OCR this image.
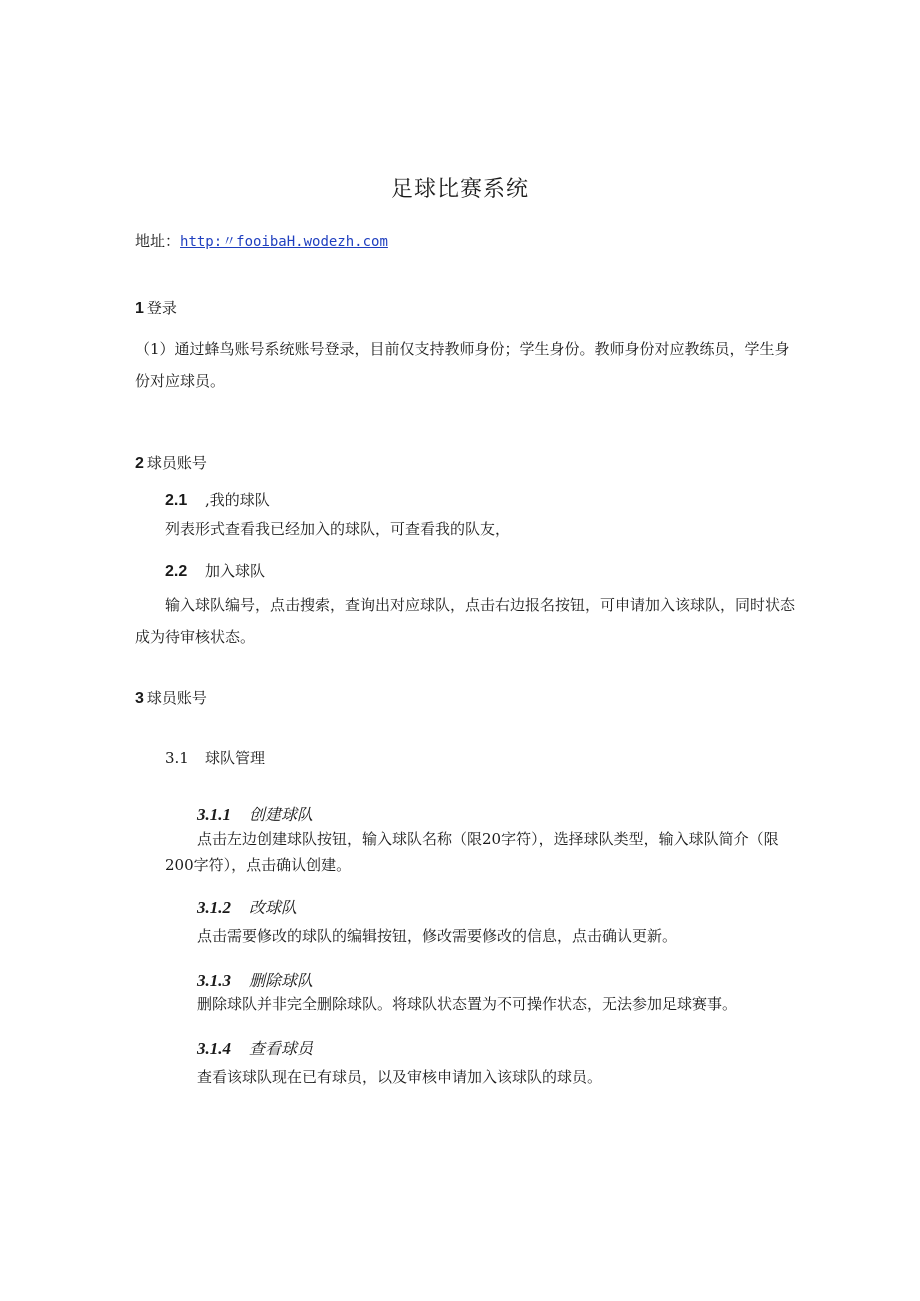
足球比赛系统
地址：http:〃fooibaH.wodezh.com
1 登录
（1）通过蜂鸟账号系统账号登录，目前仅支持教师身份；学生身份。教师身份对应教练员，学生身份对应球员。
2 球员账号
2.1 ,我的球队
列表形式查看我已经加入的球队，可查看我的队友，
2.2 加入球队
输入球队编号，点击搜索，查询出对应球队，点击右边报名按钮，可申请加入该球队，同时状态成为待审核状态。
3 球员账号
3.1 球队管理
3.1.1 创建球队
点击左边创建球队按钮，输入球队名称（限20字符），选择球队类型，输入球队简介（限200字符），点击确认创建。
3.1.2 改球队
点击需要修改的球队的编辑按钮，修改需要修改的信息，点击确认更新。
3.1.3 删除球队
删除球队并非完全删除球队。将球队状态置为不可操作状态，无法参加足球赛事。
3.1.4 查看球员
查看该球队现在已有球员，以及审核申请加入该球队的球员。
